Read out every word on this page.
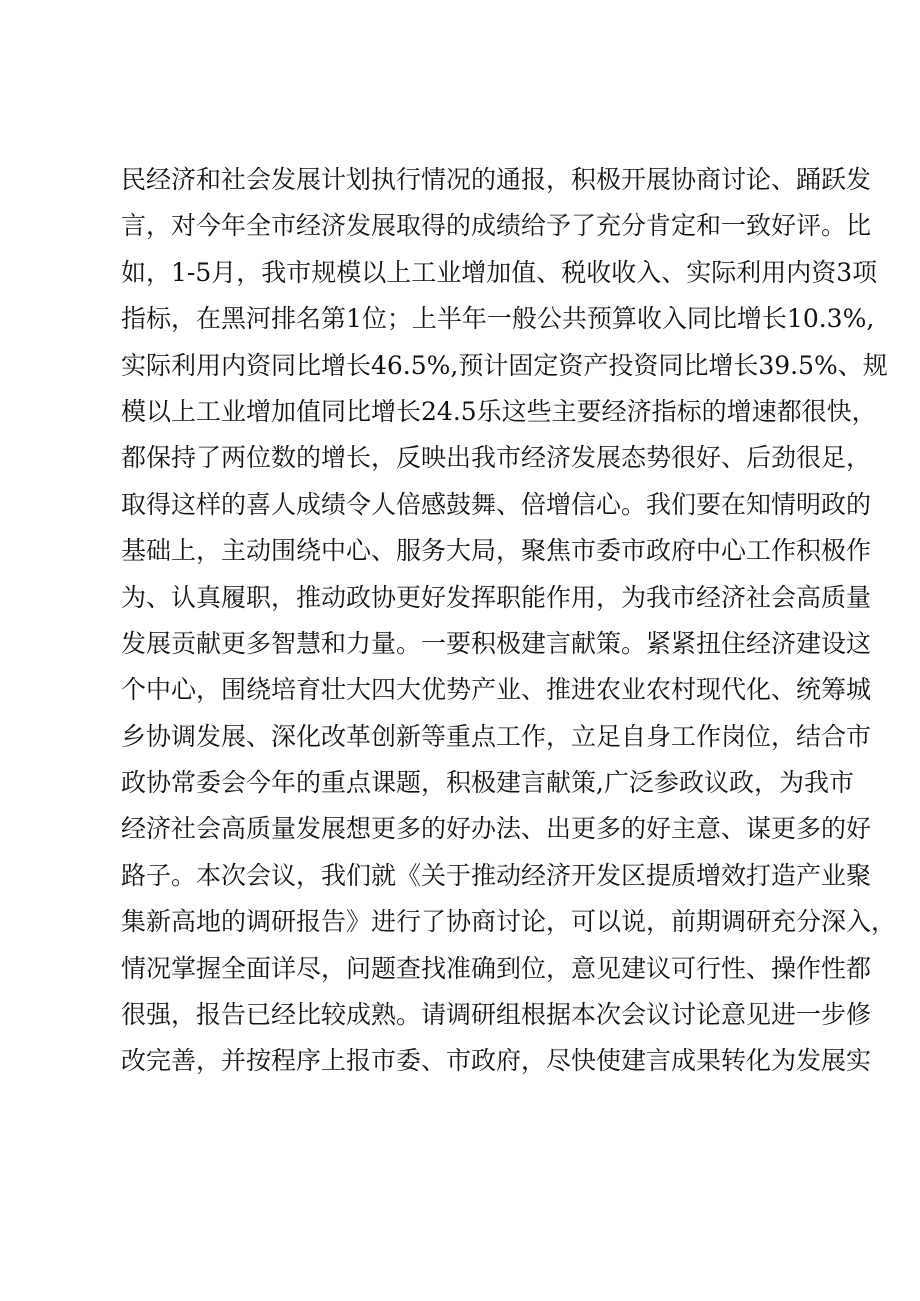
民经济和社会发展计划执行情况的通报，积极开展协商讨论、踊跃发
言，对今年全市经济发展取得的成绩给予了充分肯定和一致好评。比
如，1-5月，我市规模以上工业增加值、税收收入、实际利用内资3项
指标，在黑河排名第1位；上半年一般公共预算收入同比增长10.3%,
实际利用内资同比增长46.5%,预计固定资产投资同比增长39.5%、规
模以上工业增加值同比增长24.5乐这些主要经济指标的增速都很快，
都保持了两位数的增长，反映出我市经济发展态势很好、后劲很足，
取得这样的喜人成绩令人倍感鼓舞、倍增信心。我们要在知情明政的
基础上，主动围绕中心、服务大局，聚焦市委市政府中心工作积极作
为、认真履职，推动政协更好发挥职能作用，为我市经济社会高质量
发展贡献更多智慧和力量。一要积极建言献策。紧紧扭住经济建设这
个中心，围绕培育壮大四大优势产业、推进农业农村现代化、统筹城
乡协调发展、深化改革创新等重点工作，立足自身工作岗位，结合市
政协常委会今年的重点课题，积极建言献策,广泛参政议政，为我市
经济社会高质量发展想更多的好办法、出更多的好主意、谋更多的好
路子。本次会议，我们就《关于推动经济开发区提质增效打造产业聚
集新高地的调研报告》进行了协商讨论，可以说，前期调研充分深入，
情况掌握全面详尽，问题查找准确到位，意见建议可行性、操作性都
很强，报告已经比较成熟。请调研组根据本次会议讨论意见进一步修
改完善，并按程序上报市委、市政府，尽快使建言成果转化为发展实
